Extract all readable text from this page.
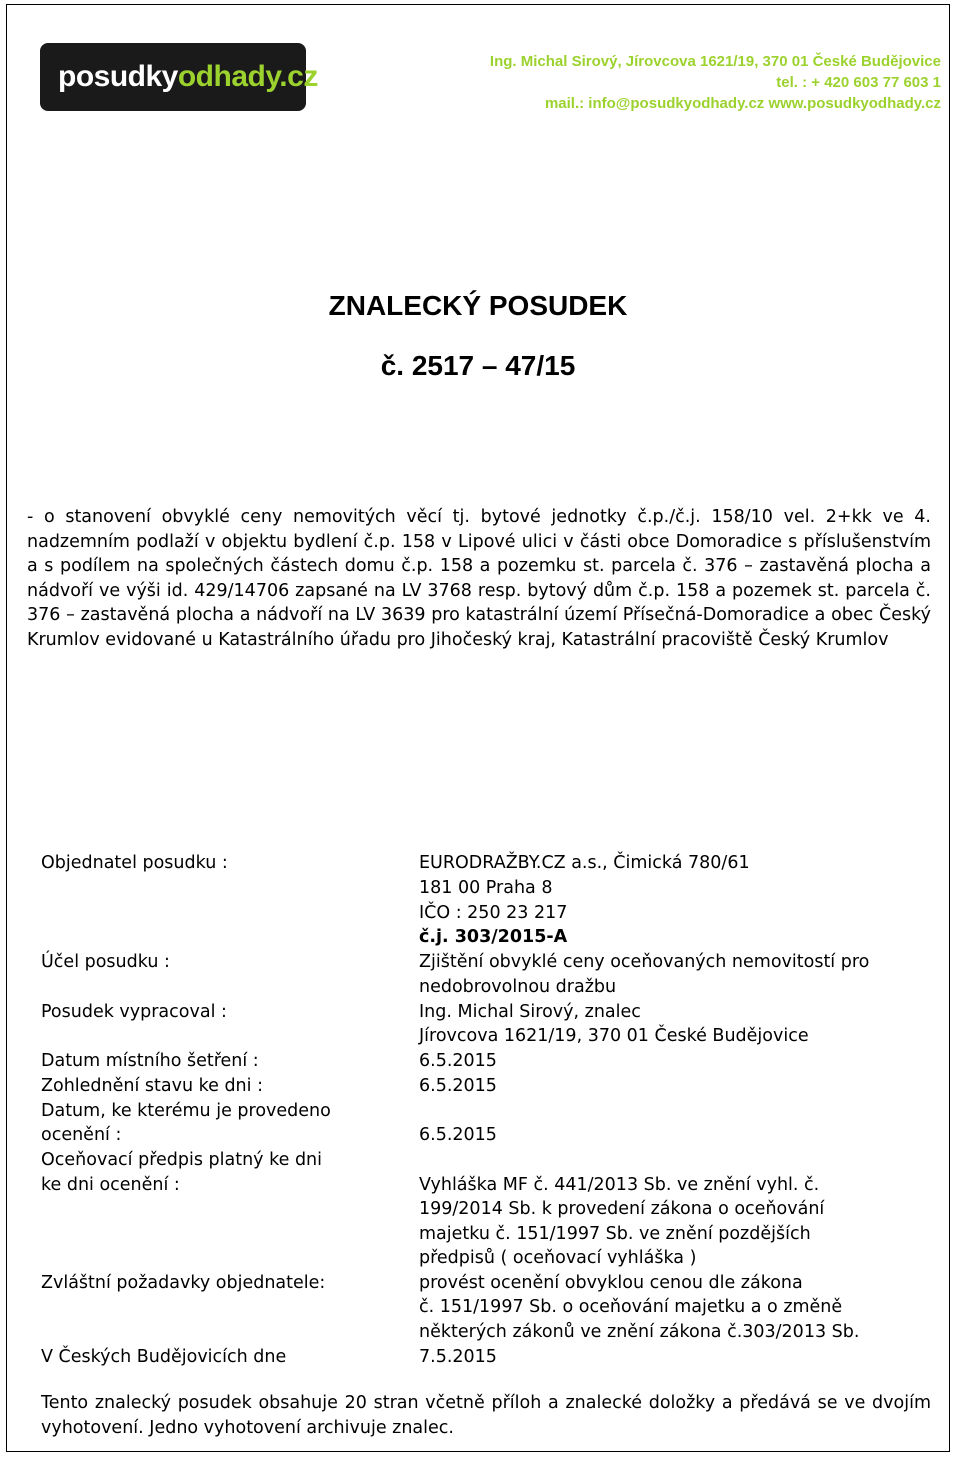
posudky odhady.cz	Ing. Michal Sirový, Jírovcova 1621/19, 370 01 České Budějovice
tel. : + 420 603 77 603 1
mail.: info@posudkyodhady.cz www.posudkyodhady.cz
ZNALECKÝ POSUDEK
č. 2517 – 47/15
- o stanovení obvyklé ceny nemovitých věcí tj. bytové jednotky č.p./č.j. 158/10 vel. 2+kk ve 4. nadzemním podlaží v objektu bydlení č.p. 158 v Lipové ulici v části obce Domoradice s příslušenstvím a s podílem na společných částech domu č.p. 158 a pozemku st. parcela č. 376 – zastavěná plocha a nádvoří ve výši id. 429/14706 zapsané na LV 3768 resp. bytový dům č.p. 158 a pozemek st. parcela č. 376 – zastavěná plocha a nádvoří na LV 3639 pro katastrální území Přísečná-Domoradice a obec Český Krumlov evidované u Katastrálního úřadu pro Jihočeský kraj, Katastrální pracoviště Český Krumlov
Objednatel posudku :	EURODRAŽBY.CZ a.s., Čimická 780/61
181 00 Praha 8
IČO : 250 23 217
č.j. 303/2015-A
Účel posudku :	Zjištění obvyklé ceny oceňovaných nemovitostí pro
nedobrovolnou dražbu
Posudek vypracoval :	Ing. Michal Sirový, znalec
Jírovcova 1621/19, 370 01 České Budějovice
Datum místního šetření :	6.5.2015
Zohlednění stavu ke dni :	6.5.2015
Datum, ke kterému je provedeno
ocenění :	6.5.2015
Oceňovací předpis platný ke dni
ke dni ocenění :	Vyhláška MF č. 441/2013 Sb. ve znění vyhl. č.
199/2014 Sb. k provedení zákona o oceňování
majetku č. 151/1997 Sb. ve znění pozdějších
předpisů ( oceňovací vyhláška )
Zvláštní požadavky objednatele:	provést ocenění obvyklou cenou dle zákona
č. 151/1997 Sb. o oceňování majetku a o změně
některých zákonů ve znění zákona č.303/2013 Sb.
V Českých Budějovicích dne	7.5.2015
Tento znalecký posudek obsahuje 20 stran včetně příloh a znalecké doložky a předává se ve dvojím vyhotovení. Jedno vyhotovení archivuje znalec.
